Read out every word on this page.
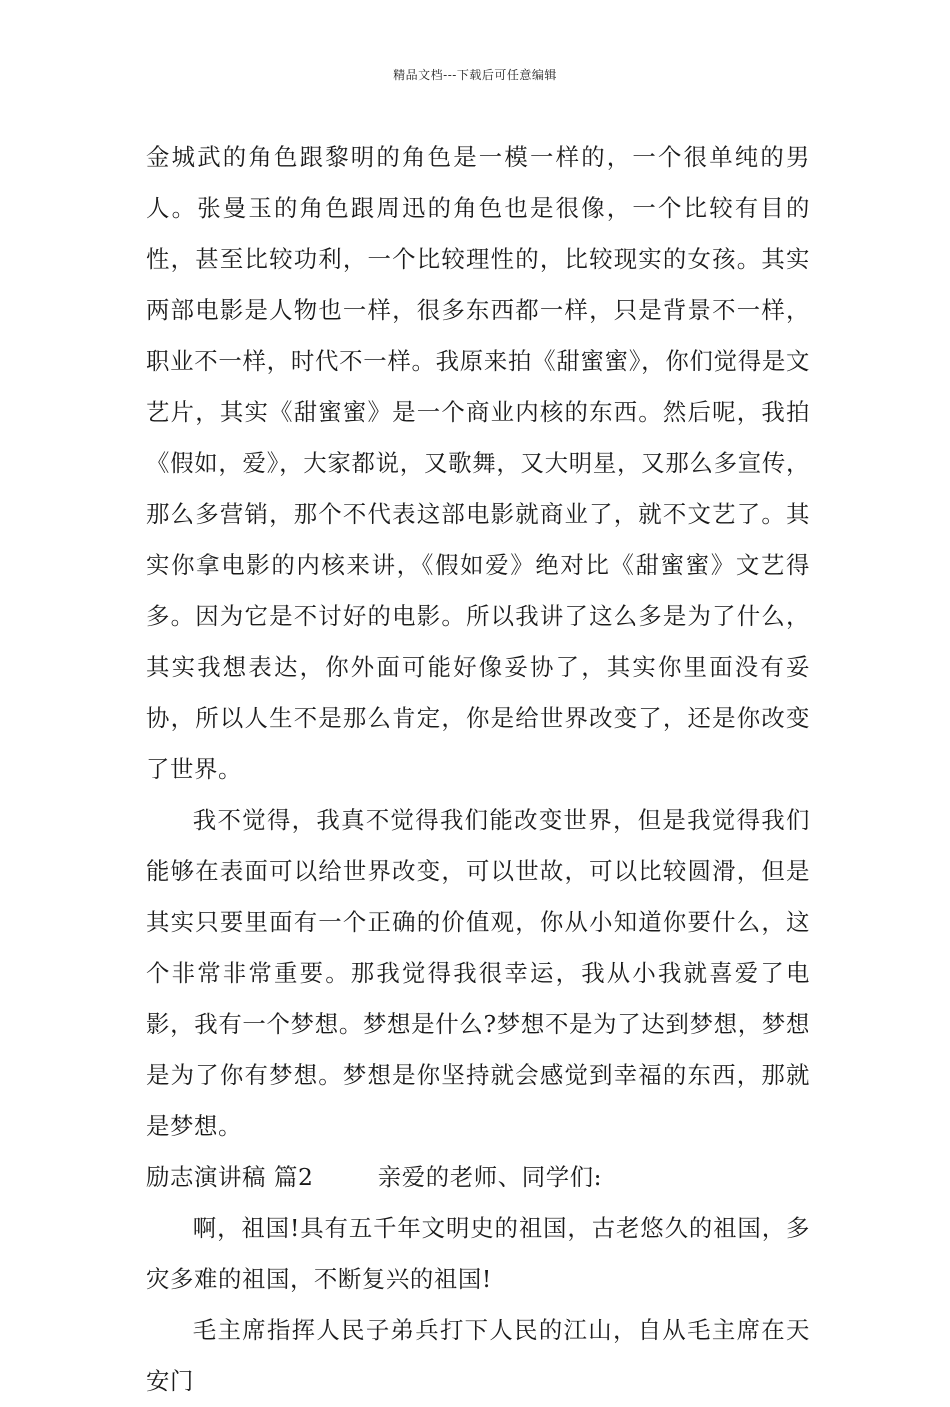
精品文档---下载后可任意编辑

金城武的角色跟黎明的角色是一模一样的，一个很单纯的男人。张曼玉的角色跟周迅的角色也是很像，一个比较有目的性，甚至比较功利，一个比较理性的，比较现实的女孩。其实两部电影是人物也一样，很多东西都一样，只是背景不一样，职业不一样，时代不一样。我原来拍《甜蜜蜜》，你们觉得是文艺片，其实《甜蜜蜜》是一个商业内核的东西。然后呢，我拍《假如，爱》，大家都说，又歌舞，又大明星，又那么多宣传，那么多营销，那个不代表这部电影就商业了，就不文艺了。其实你拿电影的内核来讲，《假如爱》绝对比《甜蜜蜜》文艺得多。因为它是不讨好的电影。所以我讲了这么多是为了什么，其实我想表达，你外面可能好像妥协了，其实你里面没有妥协，所以人生不是那么肯定，你是给世界改变了，还是你改变了世界。

我不觉得，我真不觉得我们能改变世界，但是我觉得我们能够在表面可以给世界改变，可以世故，可以比较圆滑，但是其实只要里面有一个正确的价值观，你从小知道你要什么，这个非常非常重要。那我觉得我很幸运，我从小我就喜爱了电影，我有一个梦想。梦想是什么?梦想不是为了达到梦想，梦想是为了你有梦想。梦想是你坚持就会感觉到幸福的东西，那就是梦想。

励志演讲稿 篇2	亲爱的老师、同学们:

啊，祖国!具有五千年文明史的祖国，古老悠久的祖国，多灾多难的祖国，不断复兴的祖国!

毛主席指挥人民子弟兵打下人民的江山，自从毛主席在天安门
